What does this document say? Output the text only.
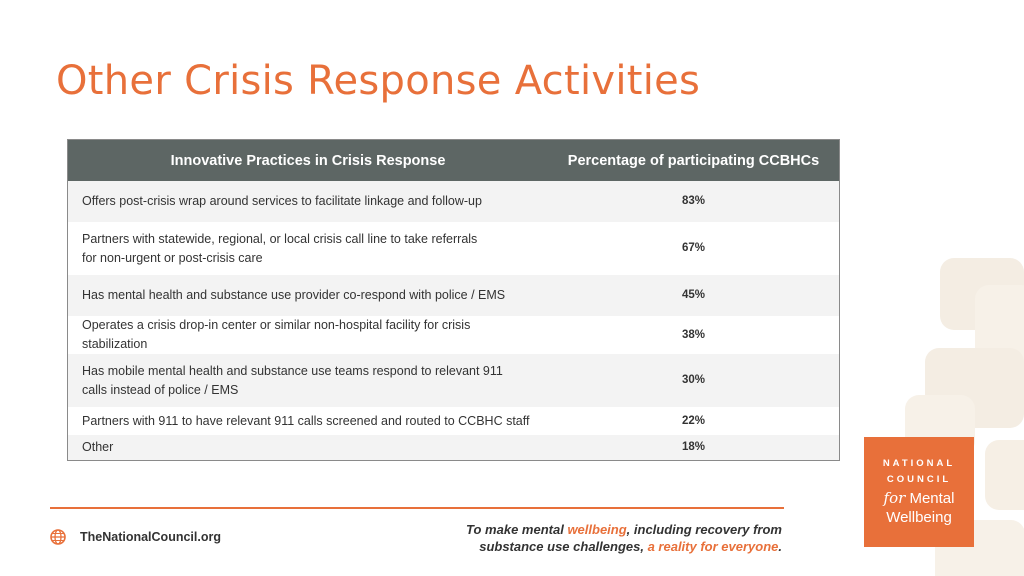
Other Crisis Response Activities
Innovative Practices in Crisis Response	Percentage of participating CCBHCs
Offers post-crisis wrap around services to facilitate linkage and follow-up	83%
Partners with statewide, regional, or local crisis call line to take referrals for non-urgent or post-crisis care	67%
Has mental health and substance use provider co-respond with police / EMS	45%
Operates a crisis drop-in center or similar non-hospital facility for crisis stabilization	38%
Has mobile mental health and substance use teams respond to relevant 911 calls instead of police / EMS	30%
Partners with 911 to have relevant 911 calls screened and routed to CCBHC staff	22%
Other	18%
TheNationalCouncil.org	To make mental wellbeing, including recovery from
substance use challenges, a reality for everyone.
NATIONAL
COUNCIL
for Mental
Wellbeing
